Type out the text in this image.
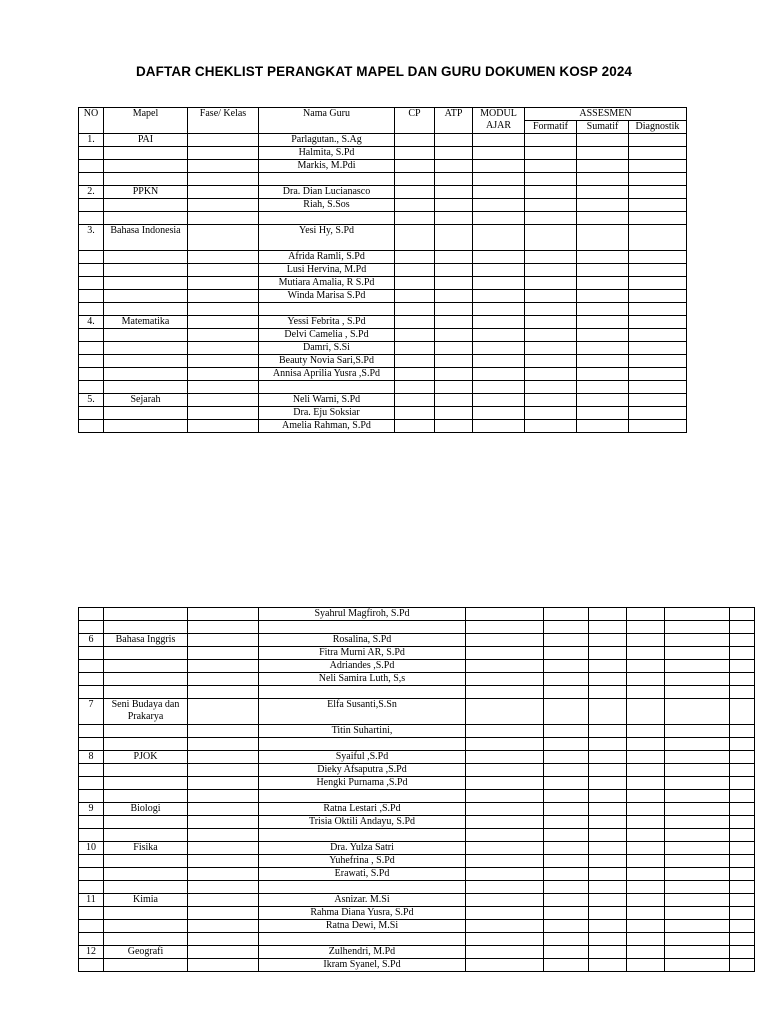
DAFTAR CHEKLIST PERANGKAT MAPEL DAN GURU DOKUMEN KOSP 2024
NO	Mapel	Fase/ Kelas	Nama Guru	CP	ATP	MODUL AJAR	ASSESMEN		
							Formatif	Sumatif	Diagnostik
1.	PAI		Parlagutan., S.Ag						
			Halmita, S.Pd						
			Markis, M.Pdi						

2.	PPKN		Dra. Dian Lucianasco						
			Riah, S.Sos						

3.	Bahasa Indonesia		Yesi Hy, S.Pd						
			Afrida Ramli, S.Pd						
			Lusi Hervina, M.Pd						
			Mutiara Amalia, R S.Pd						
			Winda Marisa S.Pd						

4.	Matematika		Yessi Febrita , S.Pd						
			Delvi Camelia , S.Pd						
			Damri, S.Si						
			Beauty Novia Sari,S.Pd						
			Annisa Aprilia Yusra ,S.Pd						

5.	Sejarah		Neli Warni, S.Pd						
			Dra. Eju Soksiar						
			Amelia Rahman, S.Pd						
			Syahrul Magfiroh, S.Pd						

6	Bahasa Inggris		Rosalina, S.Pd						
			Fitra Murni AR, S.Pd						
			Adriandes ,S.Pd						
			Neli Samira Luth, S,s						

7	Seni Budaya dan Prakarya		Elfa Susanti,S.Sn						
			Titin Suhartini,						

8	PJOK		Syaiful ,S.Pd						
			Dieky Afsaputra ,S.Pd						
			Hengki Purnama ,S.Pd						

9	Biologi		Ratna Lestari ,S.Pd						
			Trisia Oktili Andayu, S.Pd						

10	Fisika		Dra. Yulza Satri						
			Yuhefrina , S.Pd						
			Erawati, S.Pd						

11	Kimia		Asnizar. M.Si						
			Rahma Diana Yusra, S.Pd						
			Ratna Dewi, M.Si						

12	Geografi		Zulhendri, M.Pd						
			Ikram Syanel, S.Pd						
